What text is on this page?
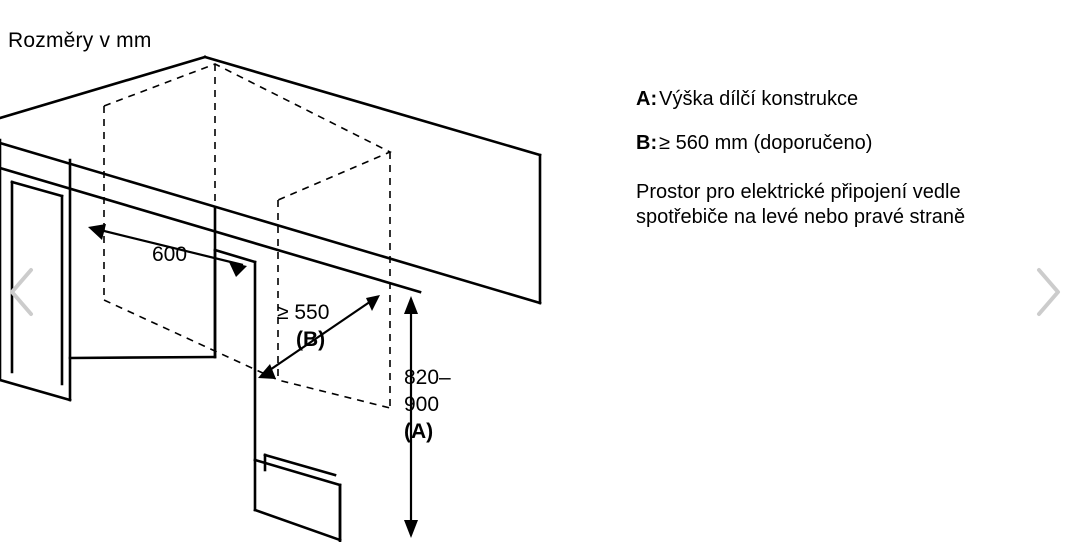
Rozměry v mm
600
≥ 550
(B)
820–
900
(A)
A: Výška dílčí konstrukce
B: ≥ 560 mm (doporučeno)
Prostor pro elektrické připojení vedle
spotřebiče na levé nebo pravé straně
